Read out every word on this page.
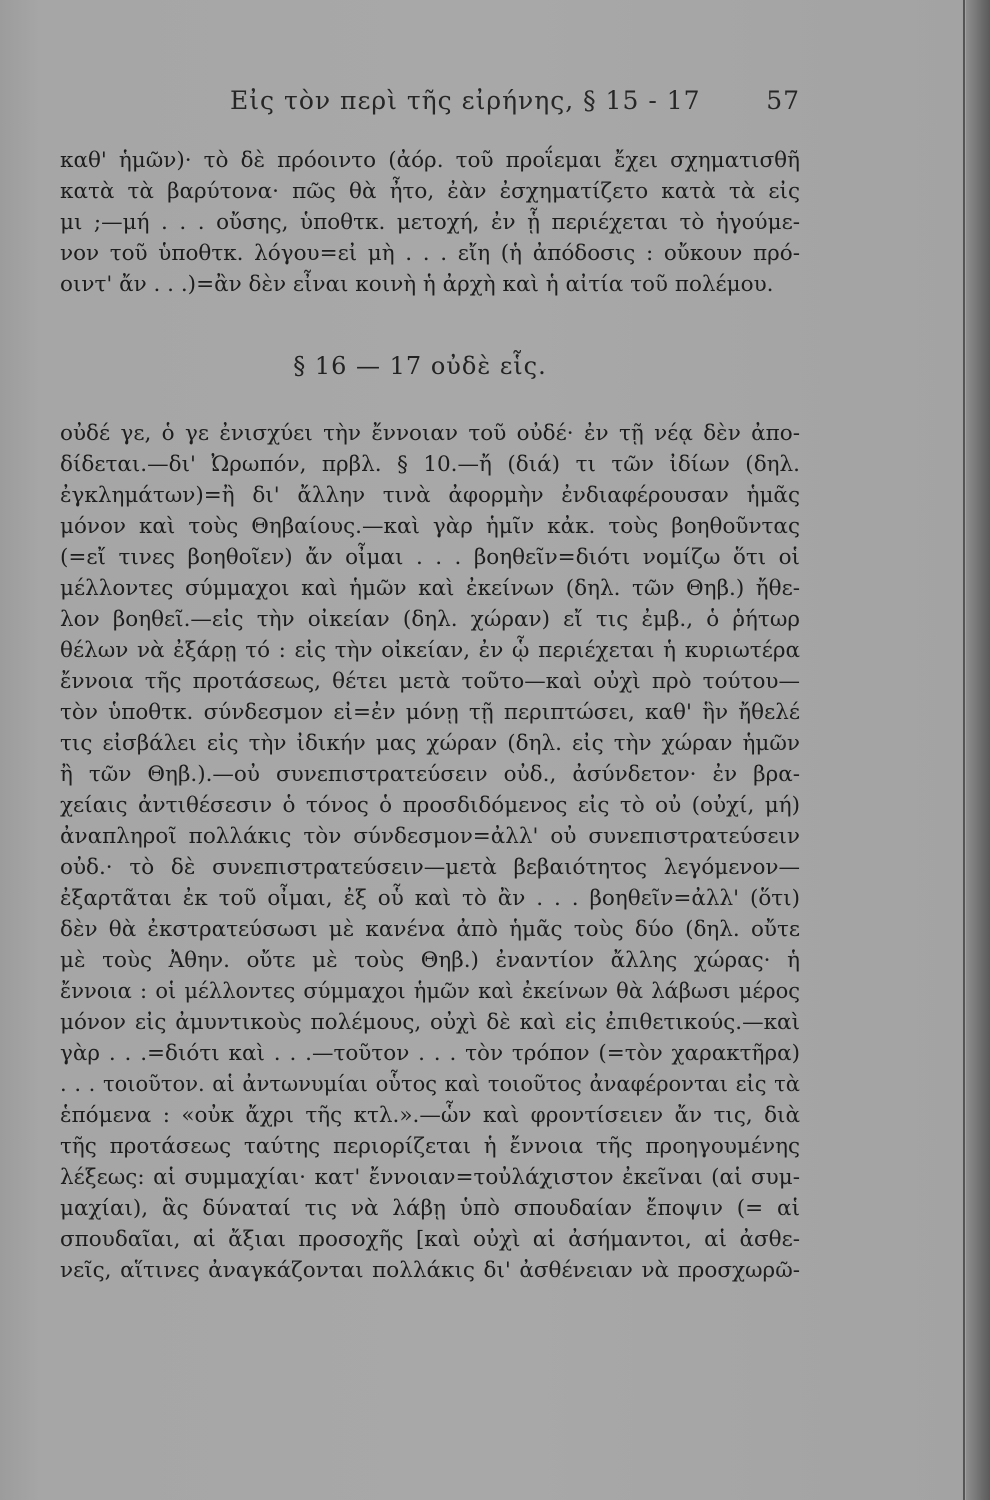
Εἰς τὸν περὶ τῆς εἰρήνης, § 15 - 17	57
καθ' ἡμῶν)· τὸ δὲ πρόοιντο (ἀόρ. τοῦ προΐεμαι ἔχει σχηματισθῆ
κατὰ τὰ βαρύτονα· πῶς θὰ ἦτο, ἐὰν ἐσχηματίζετο κατὰ τὰ εἰς
μι ;—μή . . . οὔσης, ὑποθτκ. μετοχή, ἐν ᾗ περιέχεται τὸ ἡγούμε-
νον τοῦ ὑποθτκ. λόγου=εἰ μὴ . . . εἴη (ἡ ἀπόδοσις : οὔκουν πρό-
οιντ' ἄν . . .)=ἂν δὲν εἶναι κοινὴ ἡ ἀρχὴ καὶ ἡ αἰτία τοῦ πολέμου.
§ 16 — 17 οὐδὲ εἷς.
οὐδέ γε, ὁ γε ἐνισχύει τὴν ἔννοιαν τοῦ οὐδέ· ἐν τῇ νέᾳ δὲν ἀπο-
δίδεται.—δι' Ὠρωπόν, πρβλ. § 10.—ἤ (διά) τι τῶν ἰδίων (δηλ.
ἐγκλημάτων)=ἢ δι' ἄλλην τινὰ ἀφορμὴν ἐνδιαφέρουσαν ἡμᾶς
μόνον καὶ τοὺς Θηβαίους.—καὶ γὰρ ἡμῖν κἀκ. τοὺς βοηθοῦντας
(=εἴ τινες βοηθοῖεν) ἄν οἶμαι . . . βοηθεῖν=διότι νομίζω ὅτι οἱ
μέλλοντες σύμμαχοι καὶ ἡμῶν καὶ ἐκείνων (δηλ. τῶν Θηβ.) ἤθε-
λον βοηθεῖ.—εἰς τὴν οἰκείαν (δηλ. χώραν) εἴ τις ἐμβ., ὁ ῥήτωρ
θέλων νὰ ἐξάρῃ τό : εἰς τὴν οἰκείαν, ἐν ᾧ περιέχεται ἡ κυριωτέρα
ἔννοια τῆς προτάσεως, θέτει μετὰ τοῦτο—καὶ οὐχὶ πρὸ τούτου—
τὸν ὑποθτκ. σύνδεσμον εἰ=ἐν μόνῃ τῇ περιπτώσει, καθ' ἣν ἤθελέ
τις εἰσβάλει εἰς τὴν ἰδικήν μας χώραν (δηλ. εἰς τὴν χώραν ἡμῶν
ἢ τῶν Θηβ.).—οὐ συνεπιστρατεύσειν οὐδ., ἀσύνδετον· ἐν βρα-
χείαις ἀντιθέσεσιν ὁ τόνος ὁ προσδιδόμενος εἰς τὸ οὐ (οὐχί, μή)
ἀναπληροῖ πολλάκις τὸν σύνδεσμον=ἀλλ' οὐ συνεπιστρατεύσειν
οὐδ.· τὸ δὲ συνεπιστρατεύσειν—μετὰ βεβαιότητος λεγόμενον—
ἐξαρτᾶται ἐκ τοῦ οἶμαι, ἐξ οὗ καὶ τὸ ἂν . . . βοηθεῖν=ἀλλ' (ὅτι)
δὲν θὰ ἐκστρατεύσωσι μὲ κανένα ἀπὸ ἡμᾶς τοὺς δύο (δηλ. οὔτε
μὲ τοὺς Ἀθην. οὔτε μὲ τοὺς Θηβ.) ἐναντίον ἄλλης χώρας· ἡ
ἔννοια : οἱ μέλλοντες σύμμαχοι ἡμῶν καὶ ἐκείνων θὰ λάβωσι μέρος
μόνον εἰς ἀμυντικοὺς πολέμους, οὐχὶ δὲ καὶ εἰς ἐπιθετικούς.—καὶ
γὰρ . . .=διότι καὶ . . .—τοῦτον . . . τὸν τρόπον (=τὸν χαρακτῆρα)
. . . τοιοῦτον. αἱ ἀντωνυμίαι οὗτος καὶ τοιοῦτος ἀναφέρονται εἰς τὰ
ἑπόμενα : «οὐκ ἄχρι τῆς κτλ.».—ὧν καὶ φροντίσειεν ἄν τις, διὰ
τῆς προτάσεως ταύτης περιορίζεται ἡ ἔννοια τῆς προηγουμένης
λέξεως: αἱ συμμαχίαι· κατ' ἔννοιαν=τοὐλάχιστον ἐκεῖναι (αἱ συμ-
μαχίαι), ἃς δύναταί τις νὰ λάβῃ ὑπὸ σπουδαίαν ἔποψιν (= αἱ
σπουδαῖαι, αἱ ἄξιαι προσοχῆς [καὶ οὐχὶ αἱ ἀσήμαντοι, αἱ ἀσθε-
νεῖς, αἵτινες ἀναγκάζονται πολλάκις δι' ἀσθένειαν νὰ προσχωρῶ-
